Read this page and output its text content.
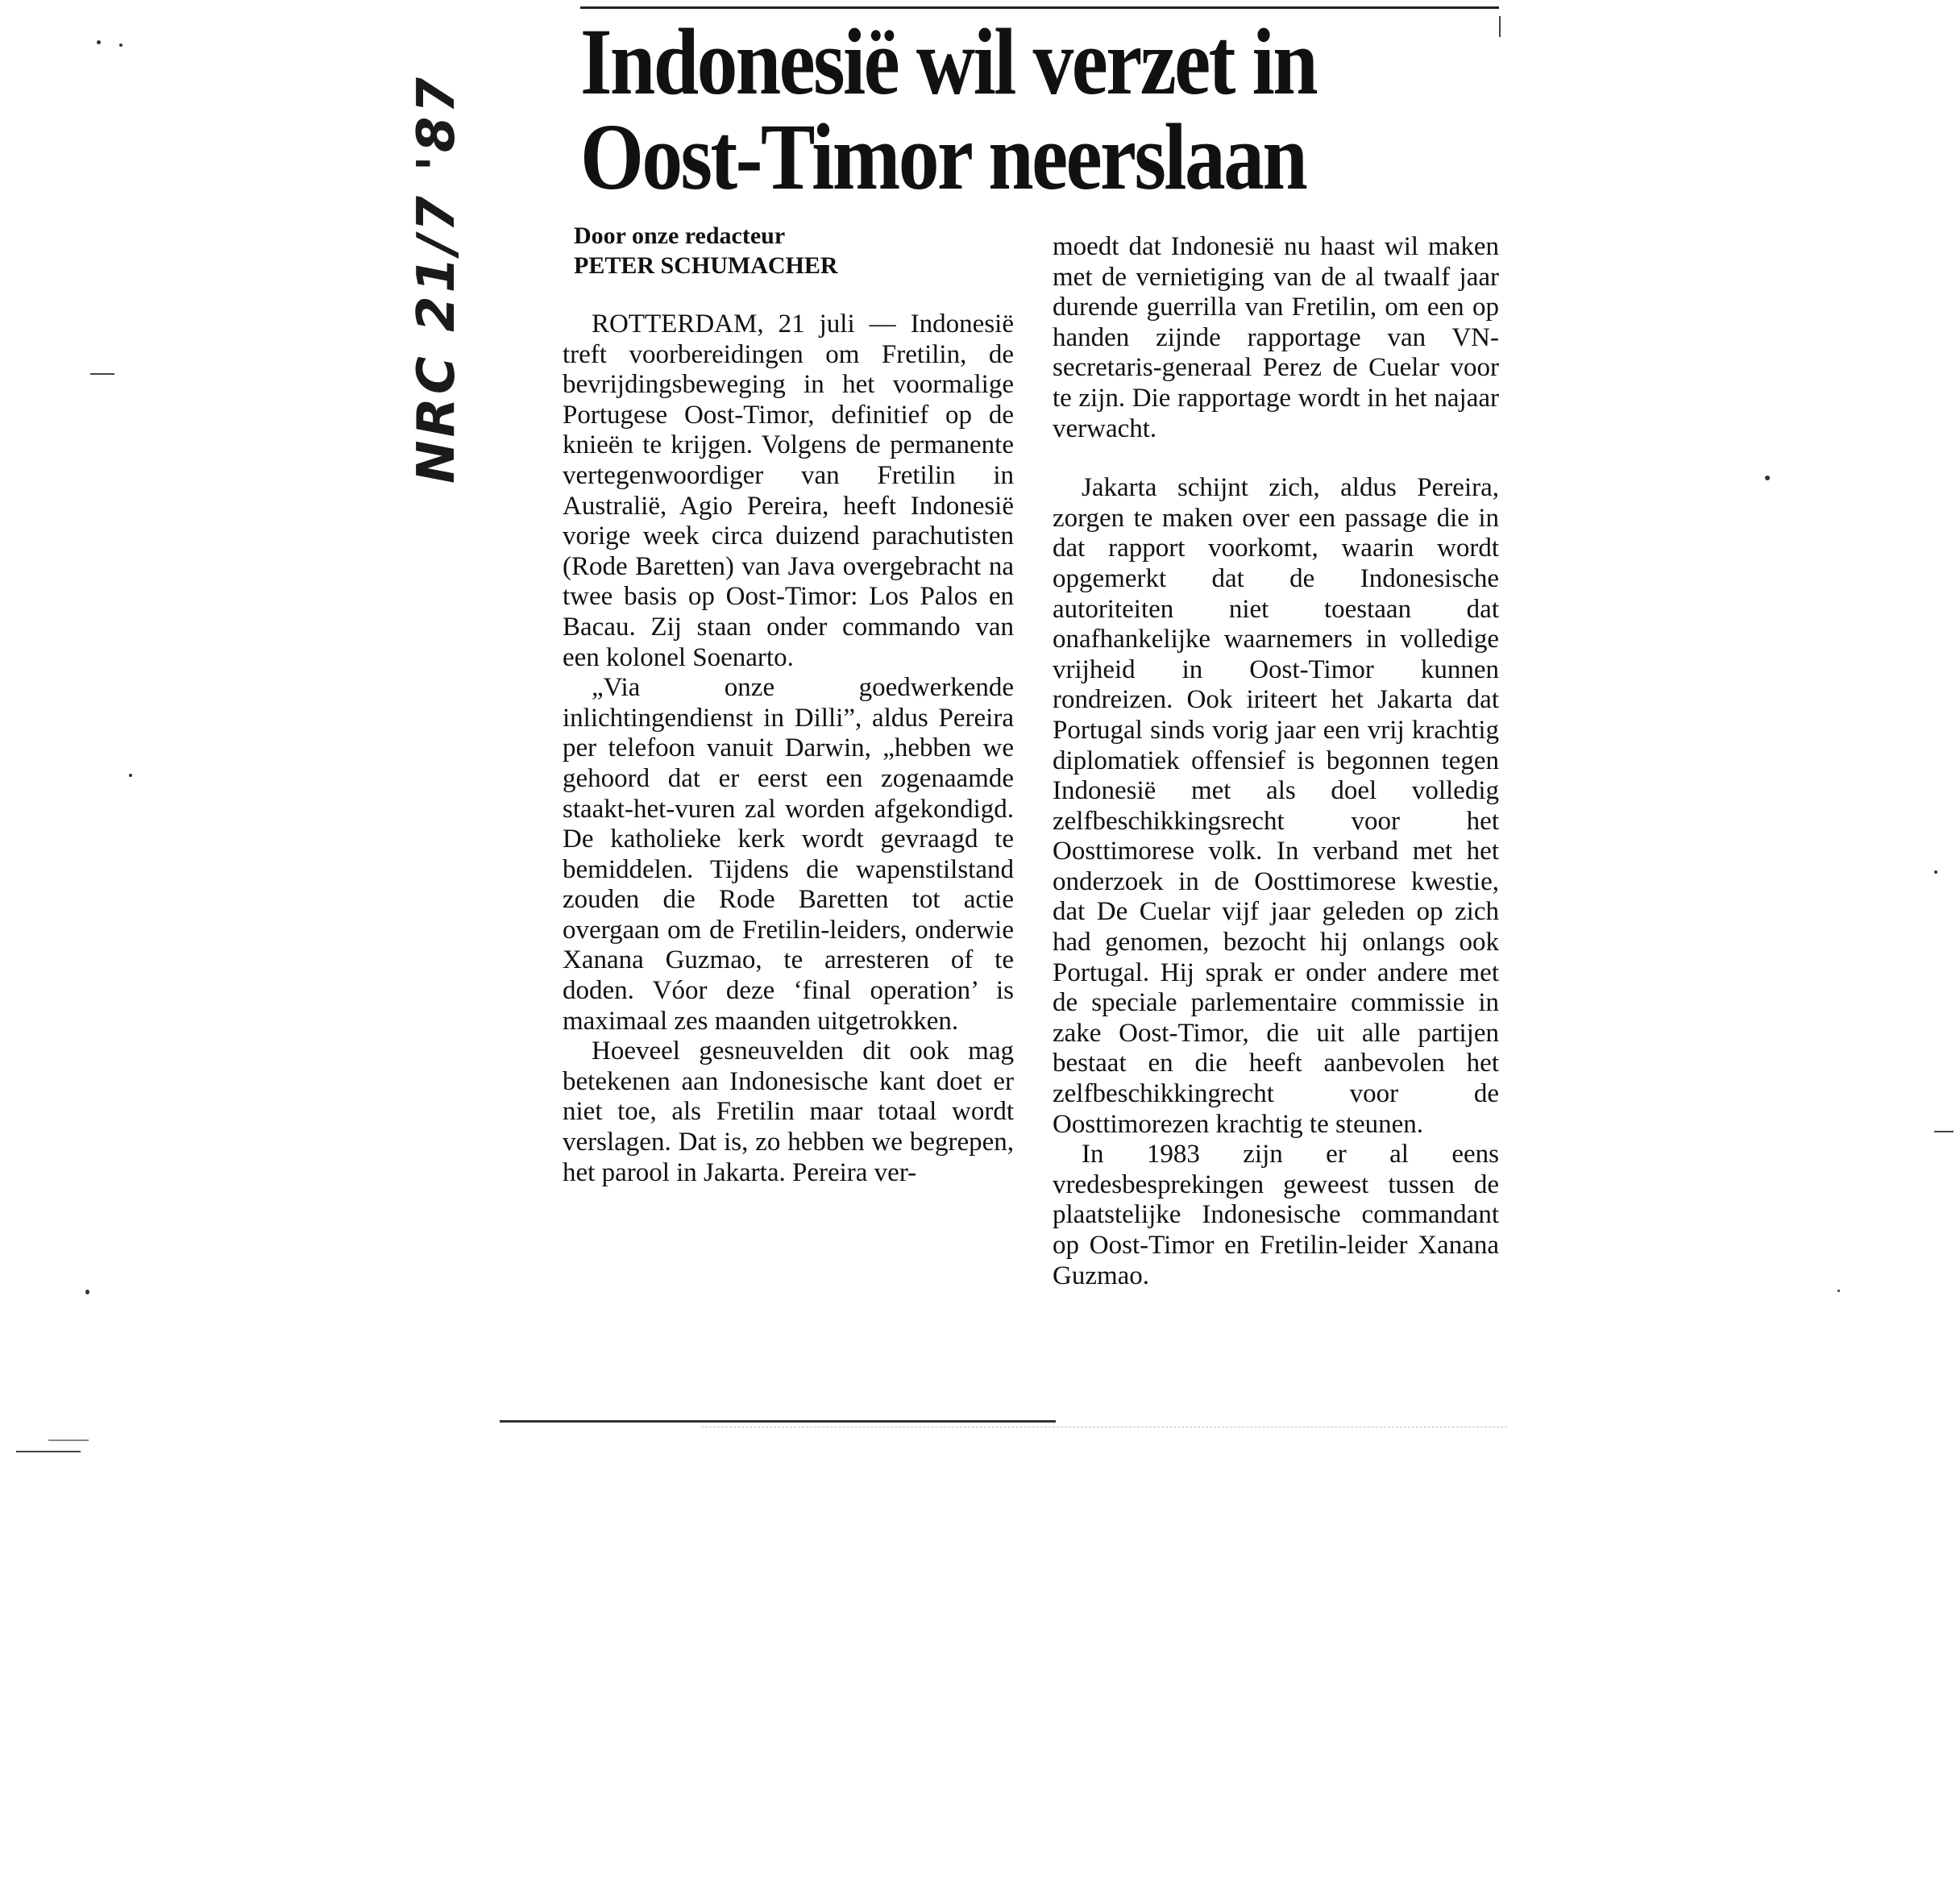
Indonesië wil verzet in
Oost-Timor neerslaan
NRC 21/7 '87	Door onze redacteur
PETER SCHUMACHER

ROTTERDAM, 21 juli — Indonesië treft voorbereidingen om Fretilin, de bevrijdingsbeweging in het voormalige Portugese Oost-Timor, definitief op de knieën te krijgen. Volgens de permanente vertegenwoordiger van Fretilin in Australië, Agio Pereira, heeft Indonesië vorige week circa duizend parachutisten (Rode Baretten) van Java overgebracht na twee basis op Oost-Timor: Los Palos en Bacau. Zij staan onder commando van een kolonel Soenarto.

„Via onze goedwerkende inlichtingendienst in Dilli”, aldus Pereira per telefoon vanuit Darwin, „hebben we gehoord dat er eerst een zogenaamde staakt-het-vuren zal worden afgekondigd. De katholieke kerk wordt gevraagd te bemiddelen. Tijdens die wapenstilstand zouden die Rode Baretten tot actie overgaan om de Fretilin-leiders, onderwie Xanana Guzmao, te arresteren of te doden. Vóor deze ‘final operation’ is maximaal zes maanden uitgetrokken.

Hoeveel gesneuvelden dit ook mag betekenen aan Indonesische kant doet er niet toe, als Fretilin maar totaal wordt verslagen. Dat is, zo hebben we begrepen, het parool in Jakarta. Pereira ver-

moedt dat Indonesië nu haast wil maken met de vernietiging van de al twaalf jaar durende guerrilla van Fretilin, om een op handen zijnde rapportage van VN-secretaris-generaal Perez de Cuelar voor te zijn. Die rapportage wordt in het najaar verwacht.

Jakarta schijnt zich, aldus Pereira, zorgen te maken over een passage die in dat rapport voorkomt, waarin wordt opgemerkt dat de Indonesische autoriteiten niet toestaan dat onafhankelijke waarnemers in volledige vrijheid in Oost-Timor kunnen rondreizen. Ook iriteert het Jakarta dat Portugal sinds vorig jaar een vrij krachtig diplomatiek offensief is begonnen tegen Indonesië met als doel volledig zelfbeschikkingsrecht voor het Oosttimorese volk. In verband met het onderzoek in de Oosttimorese kwestie, dat De Cuelar vijf jaar geleden op zich had genomen, bezocht hij onlangs ook Portugal. Hij sprak er onder andere met de speciale parlementaire commissie in zake Oost-Timor, die uit alle partijen bestaat en die heeft aanbevolen het zelfbeschikkingrecht voor de Oosttimorezen krachtig te steunen.

In 1983 zijn er al eens vredesbesprekingen geweest tussen de plaatstelijke Indonesische commandant op Oost-Timor en Fretilin-leider Xanana Guzmao.
